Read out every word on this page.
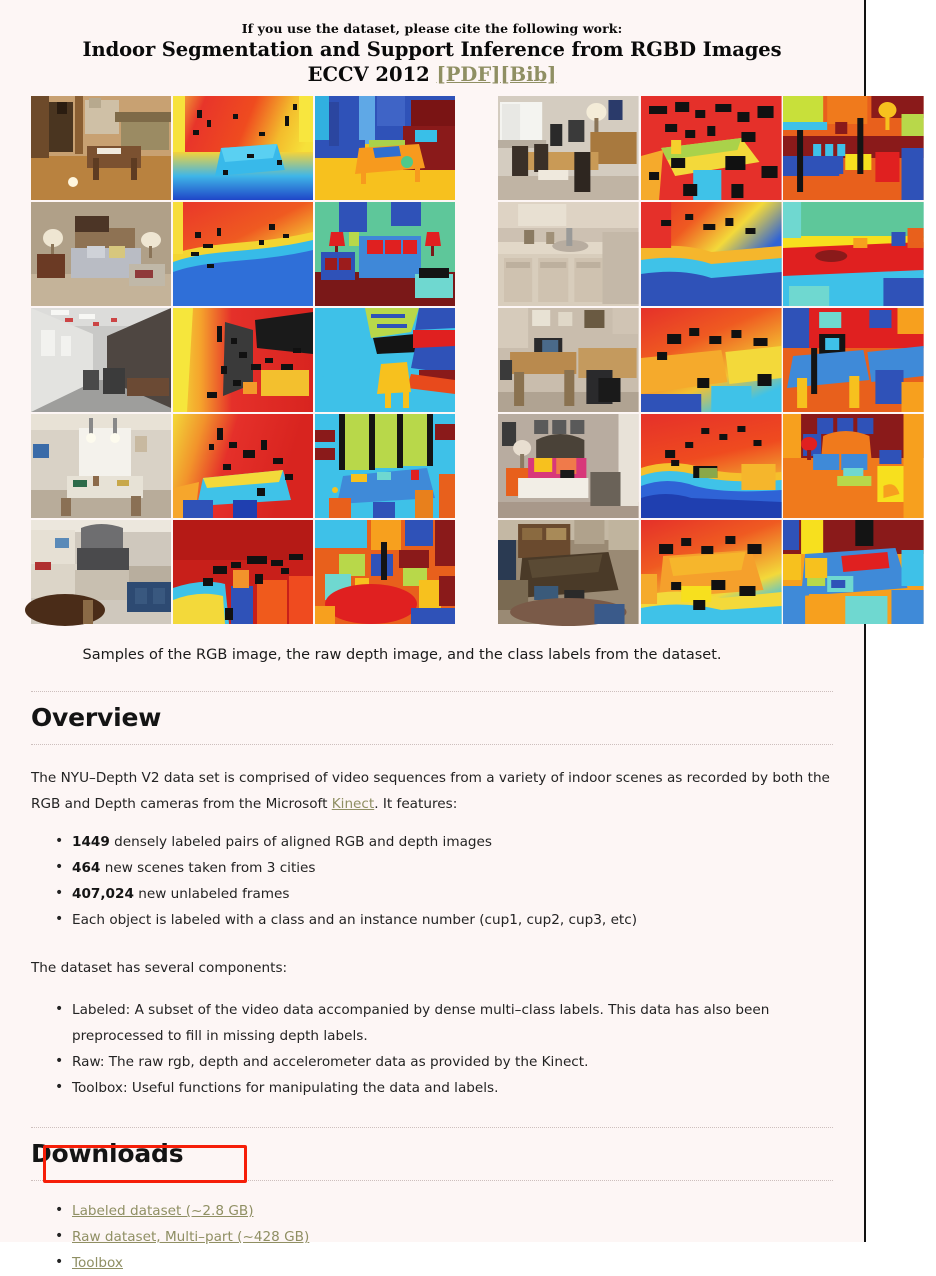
If you use the dataset, please cite the following work:
Indoor Segmentation and Support Inference from RGBD Images
ECCV 2012 [PDF][Bib]
Samples of the RGB image, the raw depth image, and the class labels from the dataset.
Overview

The NYU–Depth V2 data set is comprised of video sequences from a variety of indoor scenes as recorded by both the RGB and Depth cameras from the Microsoft Kinect. It features:

• 1449 densely labeled pairs of aligned RGB and depth images
• 464 new scenes taken from 3 cities
• 407,024 new unlabeled frames
• Each object is labeled with a class and an instance number (cup1, cup2, cup3, etc)

The dataset has several components:

• Labeled: A subset of the video data accompanied by dense multi–class labels. This data has also been preprocessed to fill in missing depth labels.
• Raw: The raw rgb, depth and accelerometer data as provided by the Kinect.
• Toolbox: Useful functions for manipulating the data and labels.
Downloads
• Labeled dataset (~2.8 GB)
• Raw dataset, Multi–part (~428 GB)
• Toolbox
